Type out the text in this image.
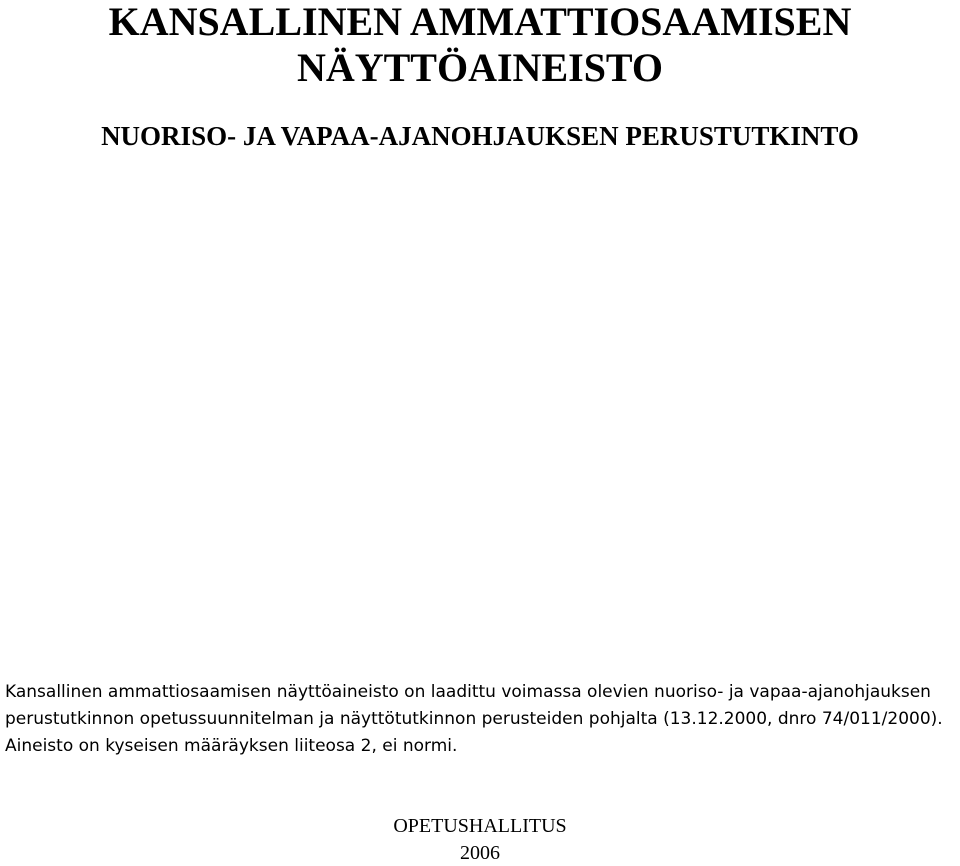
KANSALLINEN AMMATTIOSAAMISEN
NÄYTTÖAINEISTO
NUORISO- JA VAPAA-AJANOHJAUKSEN PERUSTUTKINTO
Kansallinen ammattiosaamisen näyttöaineisto on laadittu voimassa olevien nuoriso- ja vapaa-ajanohjauksen
perustutkinnon opetussuunnitelman ja näyttötutkinnon perusteiden pohjalta (13.12.2000, dnro 74/011/2000).
Aineisto on kyseisen määräyksen liiteosa 2, ei normi.
OPETUSHALLITUS
2006
